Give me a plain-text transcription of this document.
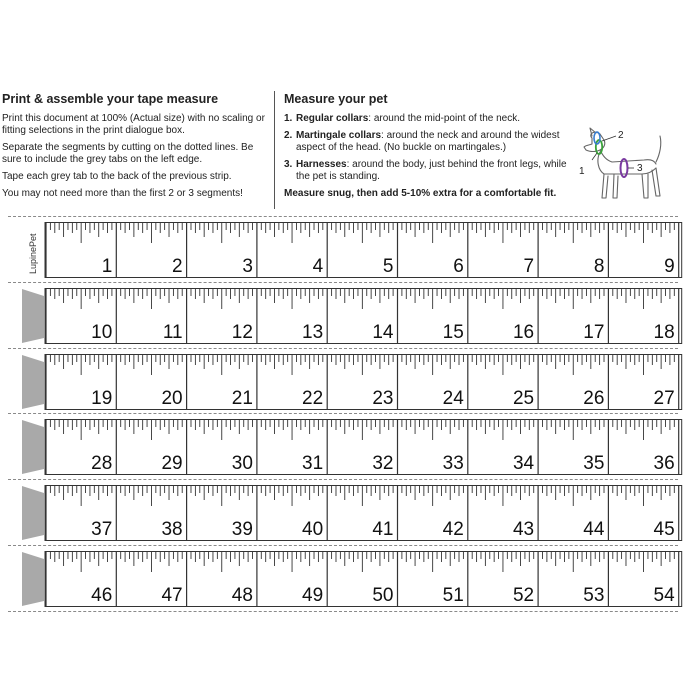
Print & assemble your tape measure
Print this document at 100% (Actual size) with no scaling or fitting selections in the print dialogue box.
Separate the segments by cutting on the dotted lines. Be sure to include the grey tabs on the left edge.
Tape each grey tab to the back of the previous strip.
You may not need more than the first 2 or 3 segments!
Measure your pet
1. Regular collars: around the mid-point of the neck.
2. Martingale collars: around the neck and around the widest aspect of the head. (No buckle on martingales.)
3. Harnesses: around the body, just behind the front legs, while the pet is standing.
Measure snug, then add 5-10% extra for a comfortable fit.
1
2
3
LupinePet	1	2	3	4	5	6	7	8	9
10	11	12	13	14	15	16	17	18
19	20	21	22	23	24	25	26	27
28	29	30	31	32	33	34	35	36
37	38	39	40	41	42	43	44	45
46	47	48	49	50	51	52	53	54
